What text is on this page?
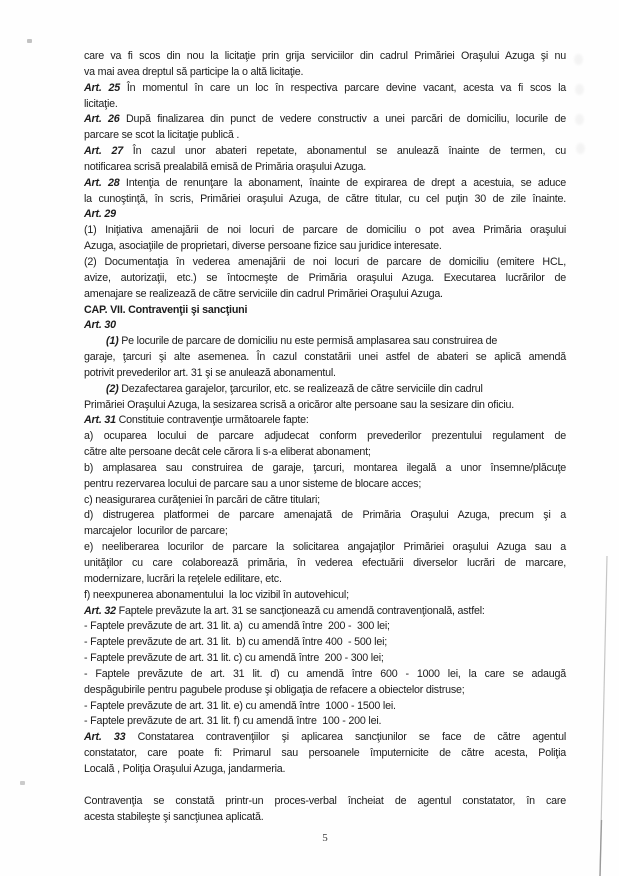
care va fi scos din nou la licitaţie prin grija serviciilor din cadrul Primăriei Oraşului Azuga şi nu
va mai avea dreptul să participe la o altă licitaţie.
Art. 25 În momentul în care un loc în respectiva parcare devine vacant, acesta va fi scos la
licitaţie.
Art. 26 După finalizarea din punct de vedere constructiv a unei parcări de domiciliu, locurile de
parcare se scot la licitaţie publică .
Art. 27 În cazul unor abateri repetate, abonamentul se anulează înainte de termen, cu
notificarea scrisă prealabilă emisă de Primăria oraşului Azuga.
Art. 28 Intenţia de renunţare la abonament, înainte de expirarea de drept a acestuia, se aduce
la cunoştinţă, în scris, Primăriei oraşului Azuga, de către titular, cu cel puţin 30 de zile înainte.
Art. 29
(1) Iniţiativa amenajării de noi locuri de parcare de domiciliu o pot avea Primăria oraşului
Azuga, asociaţiile de proprietari, diverse persoane fizice sau juridice interesate.
(2) Documentaţia în vederea amenajării de noi locuri de parcare de domiciliu (emitere HCL,
avize, autorizaţii, etc.) se întocmeşte de Primăria oraşului Azuga. Executarea lucrărilor de
amenajare se realizează de către serviciile din cadrul Primăriei Oraşului Azuga.
CAP. VII. Contravenţii şi sancţiuni
Art. 30
(1) Pe locurile de parcare de domiciliu nu este permisă amplasarea sau construirea de
garaje, ţarcuri şi alte asemenea. În cazul constatării unei astfel de abateri se aplică amendă
potrivit prevederilor art. 31 şi se anulează abonamentul.
(2) Dezafectarea garajelor, ţarcurilor, etc. se realizează de către serviciile din cadrul
Primăriei Oraşului Azuga, la sesizarea scrisă a oricăror alte persoane sau la sesizare din oficiu.
Art. 31 Constituie contravenţie următoarele fapte:
a) ocuparea locului de parcare adjudecat conform prevederilor prezentului regulament de
către alte persoane decât cele cărora li s-a eliberat abonament;
b) amplasarea sau construirea de garaje, ţarcuri, montarea ilegală a unor însemne/plăcuţe
pentru rezervarea locului de parcare sau a unor sisteme de blocare acces;
c) neasigurarea curăţeniei în parcări de către titulari;
d) distrugerea platformei de parcare amenajată de Primăria Oraşului Azuga, precum şi a
marcajelor  locurilor de parcare;
e) neeliberarea locurilor de parcare la solicitarea angajaţilor Primăriei oraşului Azuga sau a
unităţilor cu care colaborează primăria, în vederea efectuării diverselor lucrări de marcare,
modernizare, lucrări la reţelele edilitare, etc.
f) neexpunerea abonamentului  la loc vizibil în autovehicul;
Art. 32 Faptele prevăzute la art. 31 se sancţionează cu amendă contravenţională, astfel:
- Faptele prevăzute de art. 31 lit. a)  cu amendă între  200 -  300 lei;
- Faptele prevăzute de art. 31 lit.  b) cu amendă între 400  - 500 lei;
- Faptele prevăzute de art. 31 lit. c) cu amendă între  200 - 300 lei;
- Faptele prevăzute de art. 31 lit. d) cu amendă între 600 - 1000 lei, la care se adaugă
despăgubirile pentru pagubele produse şi obligaţia de refacere a obiectelor distruse;
- Faptele prevăzute de art. 31 lit. e) cu amendă între  1000 - 1500 lei.
- Faptele prevăzute de art. 31 lit. f) cu amendă între  100 - 200 lei.
Art. 33 Constatarea contravenţiilor şi aplicarea sancţiunilor se face de către agentul
constatator, care poate fi: Primarul sau persoanele împuternicite de către acesta, Poliţia
Locală , Poliţia Oraşului Azuga, jandarmeria.
Contravenţia se constată printr-un proces-verbal încheiat de agentul constatator, în care
acesta stabileşte şi sancţiunea aplicată.
5
